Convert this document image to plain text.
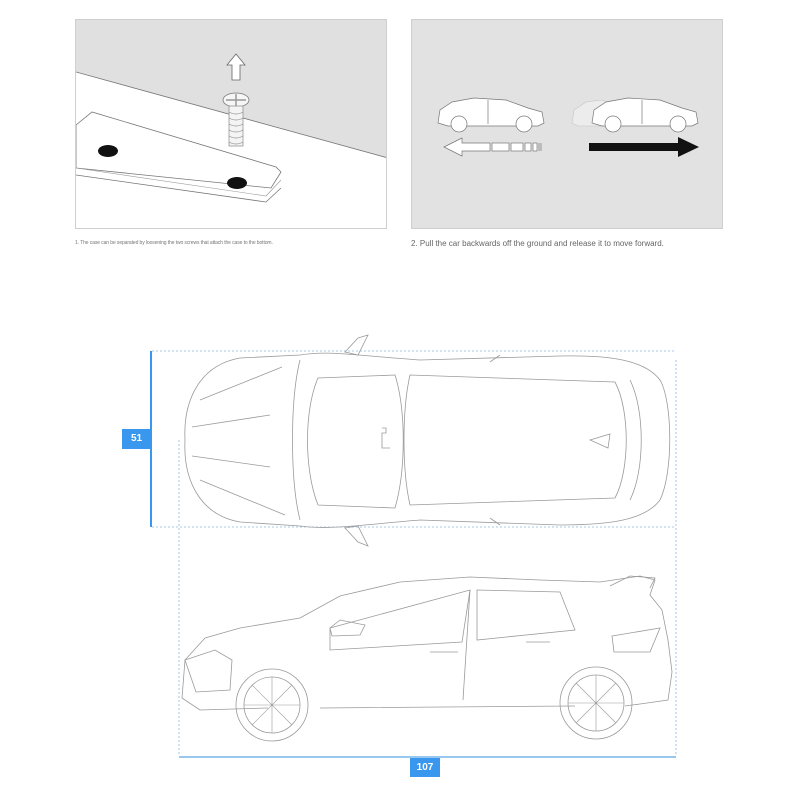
1. The case can be separated by loosening the two screws that attach the case to the bottom.	2. Pull the car backwards off the ground and release it to move forward.
51
107
